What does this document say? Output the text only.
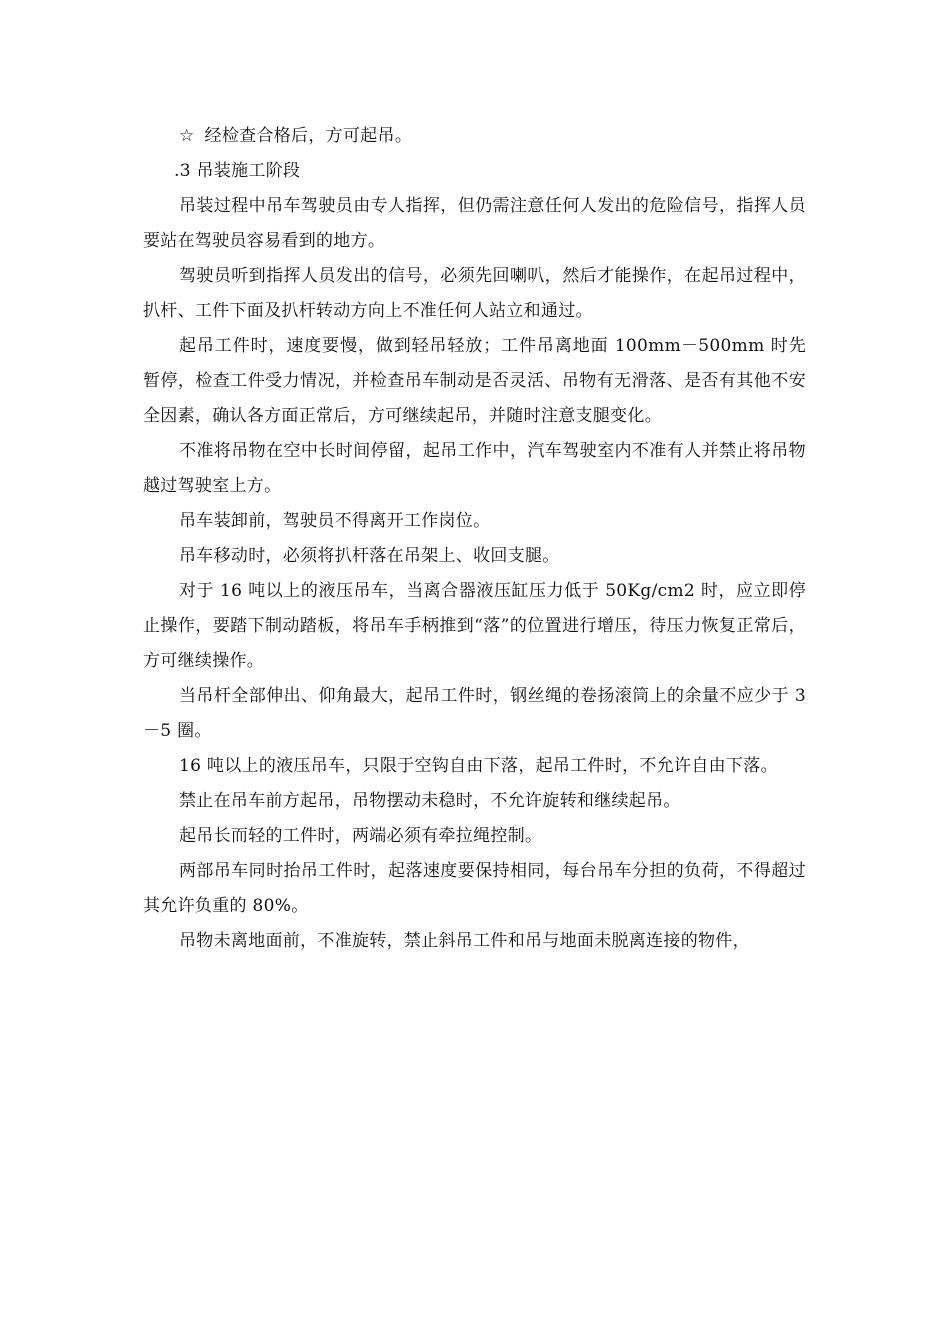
☆ 经检查合格后，方可起吊。

.3 吊装施工阶段

吊装过程中吊车驾驶员由专人指挥，但仍需注意任何人发出的危险信号，指挥人员要站在驾驶员容易看到的地方。

驾驶员听到指挥人员发出的信号，必须先回喇叭，然后才能操作，在起吊过程中，扒杆、工件下面及扒杆转动方向上不准任何人站立和通过。

起吊工件时，速度要慢，做到轻吊轻放；工件吊离地面 100mm－500mm 时先暂停，检查工件受力情况，并检查吊车制动是否灵活、吊物有无滑落、是否有其他不安全因素，确认各方面正常后，方可继续起吊，并随时注意支腿变化。

不准将吊物在空中长时间停留，起吊工作中，汽车驾驶室内不准有人并禁止将吊物越过驾驶室上方。

吊车装卸前，驾驶员不得离开工作岗位。

吊车移动时，必须将扒杆落在吊架上、收回支腿。

对于 16 吨以上的液压吊车，当离合器液压缸压力低于 50Kg/cm2 时，应立即停止操作，要踏下制动踏板，将吊车手柄推到“落”的位置进行增压，待压力恢复正常后，方可继续操作。

当吊杆全部伸出、仰角最大，起吊工件时，钢丝绳的卷扬滚筒上的余量不应少于 3－5 圈。

16 吨以上的液压吊车，只限于空钩自由下落，起吊工件时，不允许自由下落。

禁止在吊车前方起吊，吊物摆动未稳时，不允许旋转和继续起吊。

起吊长而轻的工件时，两端必须有牵拉绳控制。

两部吊车同时抬吊工件时，起落速度要保持相同，每台吊车分担的负荷，不得超过其允许负重的 80%。

吊物未离地面前，不准旋转，禁止斜吊工件和吊与地面未脱离连接的物件，
